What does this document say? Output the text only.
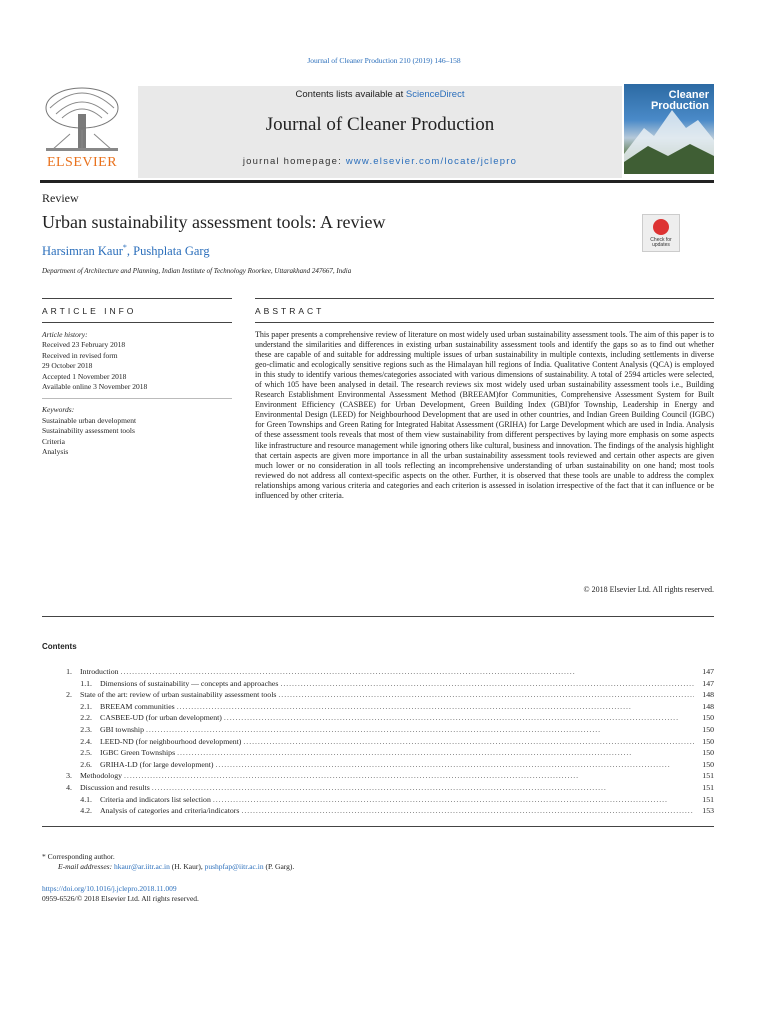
Journal of Cleaner Production 210 (2019) 146–158
ELSEVIER
Contents lists available at ScienceDirect
Journal of Cleaner Production
journal homepage: www.elsevier.com/locate/jclepro
Cleaner
Production
Review
Urban sustainability assessment tools: A review
Harsimran Kaur*, Pushplata Garg
Department of Architecture and Planning, Indian Institute of Technology Roorkee, Uttarakhand 247667, India
Check for
updates
ARTICLE INFO	ABSTRACT
Article history:
Received 23 February 2018
Received in revised form
29 October 2018
Accepted 1 November 2018
Available online 3 November 2018
Keywords:
Sustainable urban development
Sustainability assessment tools
Criteria
Analysis
This paper presents a comprehensive review of literature on most widely used urban sustainability assessment tools. The aim of this paper is to understand the similarities and differences in existing urban sustainability assessment tools and identify the gaps so as to find out whether these are capable of and suitable for addressing multiple issues of urban sustainability in multiple contexts, including settlements in diverse geo-climatic and ecologically sensitive regions such as the Himalayan hill regions of India. Qualitative Content Analysis (QCA) is employed in this study to identify various themes/categories associated with various dimensions of sustainability. A total of 2594 articles were selected, of which 105 have been analysed in detail. The research reviews six most widely used urban sustainability assessment tools i.e., Building Research Establishment Environmental Assessment Method (BREEAM)for Communities, Comprehensive Assessment System for Built Environment Efficiency (CASBEE) for Urban Development, Green Building Index (GBI)for Township, Leadership in Energy and Environmental Design (LEED) for Neighbourhood Development that are used in other countries, and Indian Green Building Council (IGBC) for Green Townships and Green Rating for Integrated Habitat Assessment (GRIHA) for Large Development which are used in India. Analysis of these assessment tools reveals that most of them view sustainability from different perspectives by laying more emphasis on some aspects like infrastructure and resource management while ignoring others like cultural, business and innovation. The findings of the analysis highlight that certain aspects are given more importance in all the urban sustainability assessment tools reviewed and certain other aspects are given much lower or no consideration in all tools reflecting an incomprehensive understanding of urban sustainability on one hand; most tools reviewed do not address all context-specific aspects on the other. Further, it is observed that these tools are unable to address the complex relationships among various criteria and categories and each criterion is assessed in isolation irrespective of the fact that it can influence or be influenced by other criteria.
© 2018 Elsevier Ltd. All rights reserved.
Contents
1.	Introduction . . .	147
1.1.	Dimensions of sustainability — concepts and approaches . . .	147
2.	State of the art: review of urban sustainability assessment tools . . .	148
2.1.	BREEAM communities . . .	148
2.2.	CASBEE-UD (for urban development) . . .	150
2.3.	GBI township . . .	150
2.4.	LEED-ND (for neighbourhood development) . . .	150
2.5.	IGBC Green Townships . . .	150
2.6.	GRIHA-LD (for large development) . . .	150
3.	Methodology . . .	151
4.	Discussion and results . . .	151
4.1.	Criteria and indicators list selection . . .	151
4.2.	Analysis of categories and criteria/indicators . . .	153
* Corresponding author.
E-mail addresses: hkaur@ar.iitr.ac.in (H. Kaur), pushpfap@iitr.ac.in (P. Garg).
https://doi.org/10.1016/j.jclepro.2018.11.009
0959-6526/© 2018 Elsevier Ltd. All rights reserved.
